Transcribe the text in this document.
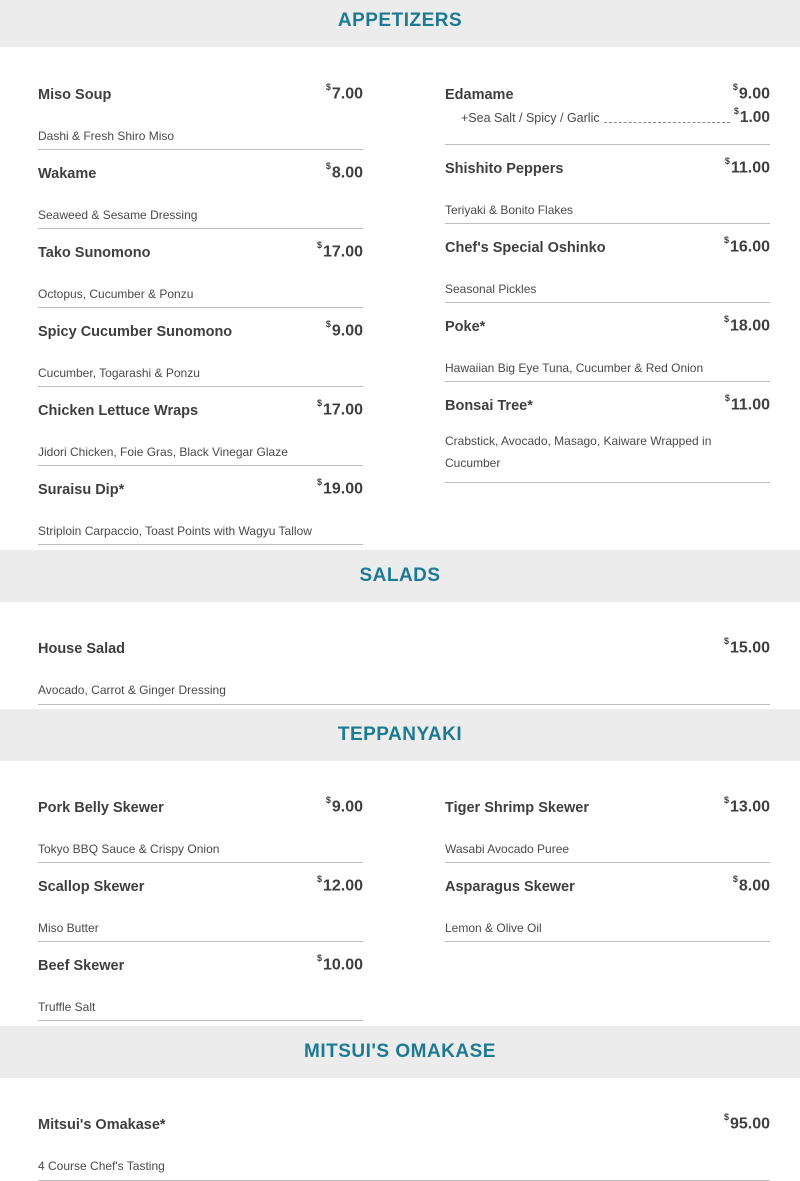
APPETIZERS
Miso Soup	$7.00
Dashi & Fresh Shiro Miso
Wakame	$8.00
Seaweed & Sesame Dressing
Tako Sunomono	$17.00
Octopus, Cucumber & Ponzu
Spicy Cucumber Sunomono	$9.00
Cucumber, Togarashi & Ponzu
Chicken Lettuce Wraps	$17.00
Jidori Chicken, Foie Gras, Black Vinegar Glaze
Suraisu Dip*	$19.00
Striploin Carpaccio, Toast Points with Wagyu Tallow
Edamame	$9.00
+Sea Salt / Spicy / Garlic	$1.00
Shishito Peppers	$11.00
Teriyaki & Bonito Flakes
Chef's Special Oshinko	$16.00
Seasonal Pickles
Poke*	$18.00
Hawaiian Big Eye Tuna, Cucumber & Red Onion
Bonsai Tree*	$11.00
Crabstick, Avocado, Masago, Kaiware Wrapped in Cucumber
SALADS
House Salad	$15.00
Avocado, Carrot & Ginger Dressing
TEPPANYAKI
Pork Belly Skewer	$9.00
Tokyo BBQ Sauce & Crispy Onion
Scallop Skewer	$12.00
Miso Butter
Beef Skewer	$10.00
Truffle Salt
Tiger Shrimp Skewer	$13.00
Wasabi Avocado Puree
Asparagus Skewer	$8.00
Lemon & Olive Oil
MITSUI'S OMAKASE
Mitsui's Omakase*	$95.00
4 Course Chef's Tasting
